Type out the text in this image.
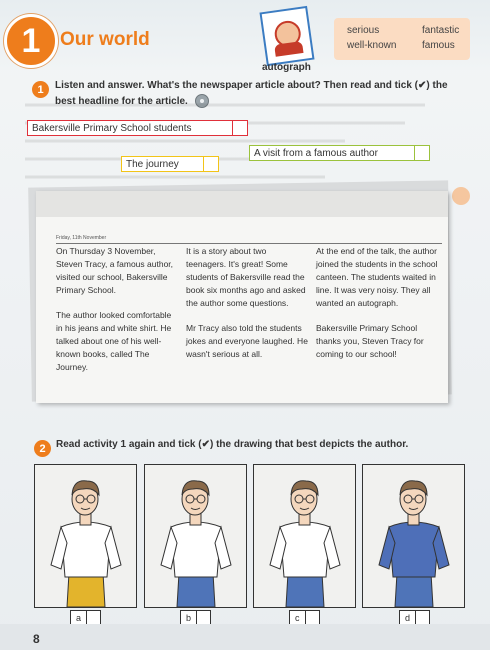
1	Our world
autograph
serious
well-known
fantastic
famous
1	Listen and answer. What's the newspaper article about? Then read and tick (✔) the
best headline for the article.
Bakersville Primary School students
A visit from a famous author
The journey
Friday, 11th November

On Thursday 3 November, Steven Tracy, a famous author, visited our school, Bakersville Primary School.

The author looked comfortable in his jeans and white shirt. He talked about one of his well-known books, called The Journey.

It is a story about two teenagers. It's great! Some students of Bakersville read the book six months ago and asked the author some questions.

Mr Tracy also told the students jokes and everyone laughed. He wasn't serious at all.

At the end of the talk, the author joined the students in the school canteen. The students waited in line. It was very noisy. They all wanted an autograph.

Bakersville Primary School thanks you, Steven Tracy for coming to our school!

2	Read activity 1 again and tick (✔) the drawing that best depicts the author.
a	b	c	d
8
